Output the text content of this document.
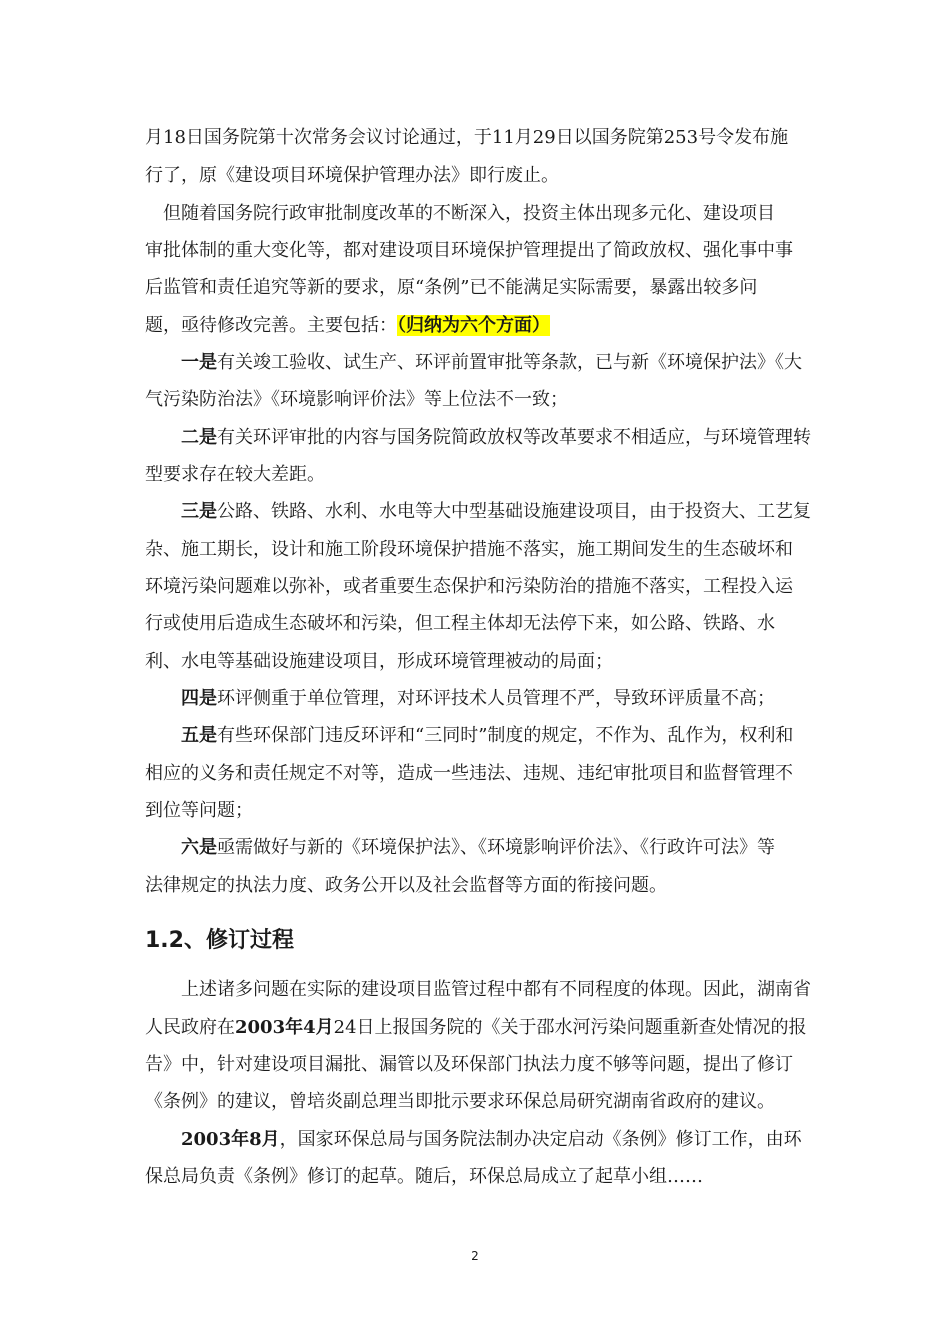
月18日国务院第十次常务会议讨论通过，于11月29日以国务院第253号令发布施
行了，原《建设项目环境保护管理办法》即行废止。
　但随着国务院行政审批制度改革的不断深入，投资主体出现多元化、建设项目
审批体制的重大变化等，都对建设项目环境保护管理提出了简政放权、强化事中事
后监管和责任追究等新的要求，原“条例”已不能满足实际需要，暴露出较多问
题，亟待修改完善。主要包括：（归纳为六个方面）
　　一是有关竣工验收、试生产、环评前置审批等条款，已与新《环境保护法》《大
气污染防治法》《环境影响评价法》等上位法不一致；
　　二是有关环评审批的内容与国务院简政放权等改革要求不相适应，与环境管理转
型要求存在较大差距。
　　三是公路、铁路、水利、水电等大中型基础设施建设项目，由于投资大、工艺复
杂、施工期长，设计和施工阶段环境保护措施不落实，施工期间发生的生态破坏和
环境污染问题难以弥补，或者重要生态保护和污染防治的措施不落实，工程投入运
行或使用后造成生态破坏和污染，但工程主体却无法停下来，如公路、铁路、水
利、水电等基础设施建设项目，形成环境管理被动的局面；
　　四是环评侧重于单位管理，对环评技术人员管理不严，导致环评质量不高；
　　五是有些环保部门违反环评和“三同时”制度的规定，不作为、乱作为，权利和
相应的义务和责任规定不对等，造成一些违法、违规、违纪审批项目和监督管理不
到位等问题；
　　六是亟需做好与新的《环境保护法》、《环境影响评价法》、《行政许可法》等
法律规定的执法力度、政务公开以及社会监督等方面的衔接问题。
　　上述诸多问题在实际的建设项目监管过程中都有不同程度的体现。因此，湖南省
人民政府在2003年4月24日上报国务院的《关于邵水河污染问题重新查处情况的报
告》中，针对建设项目漏批、漏管以及环保部门执法力度不够等问题，提出了修订
《条例》的建议，曾培炎副总理当即批示要求环保总局研究湖南省政府的建议。
　　2003年8月，国家环保总局与国务院法制办决定启动《条例》修订工作，由环
保总局负责《条例》修订的起草。随后，环保总局成立了起草小组……
1.2、修订过程
2
